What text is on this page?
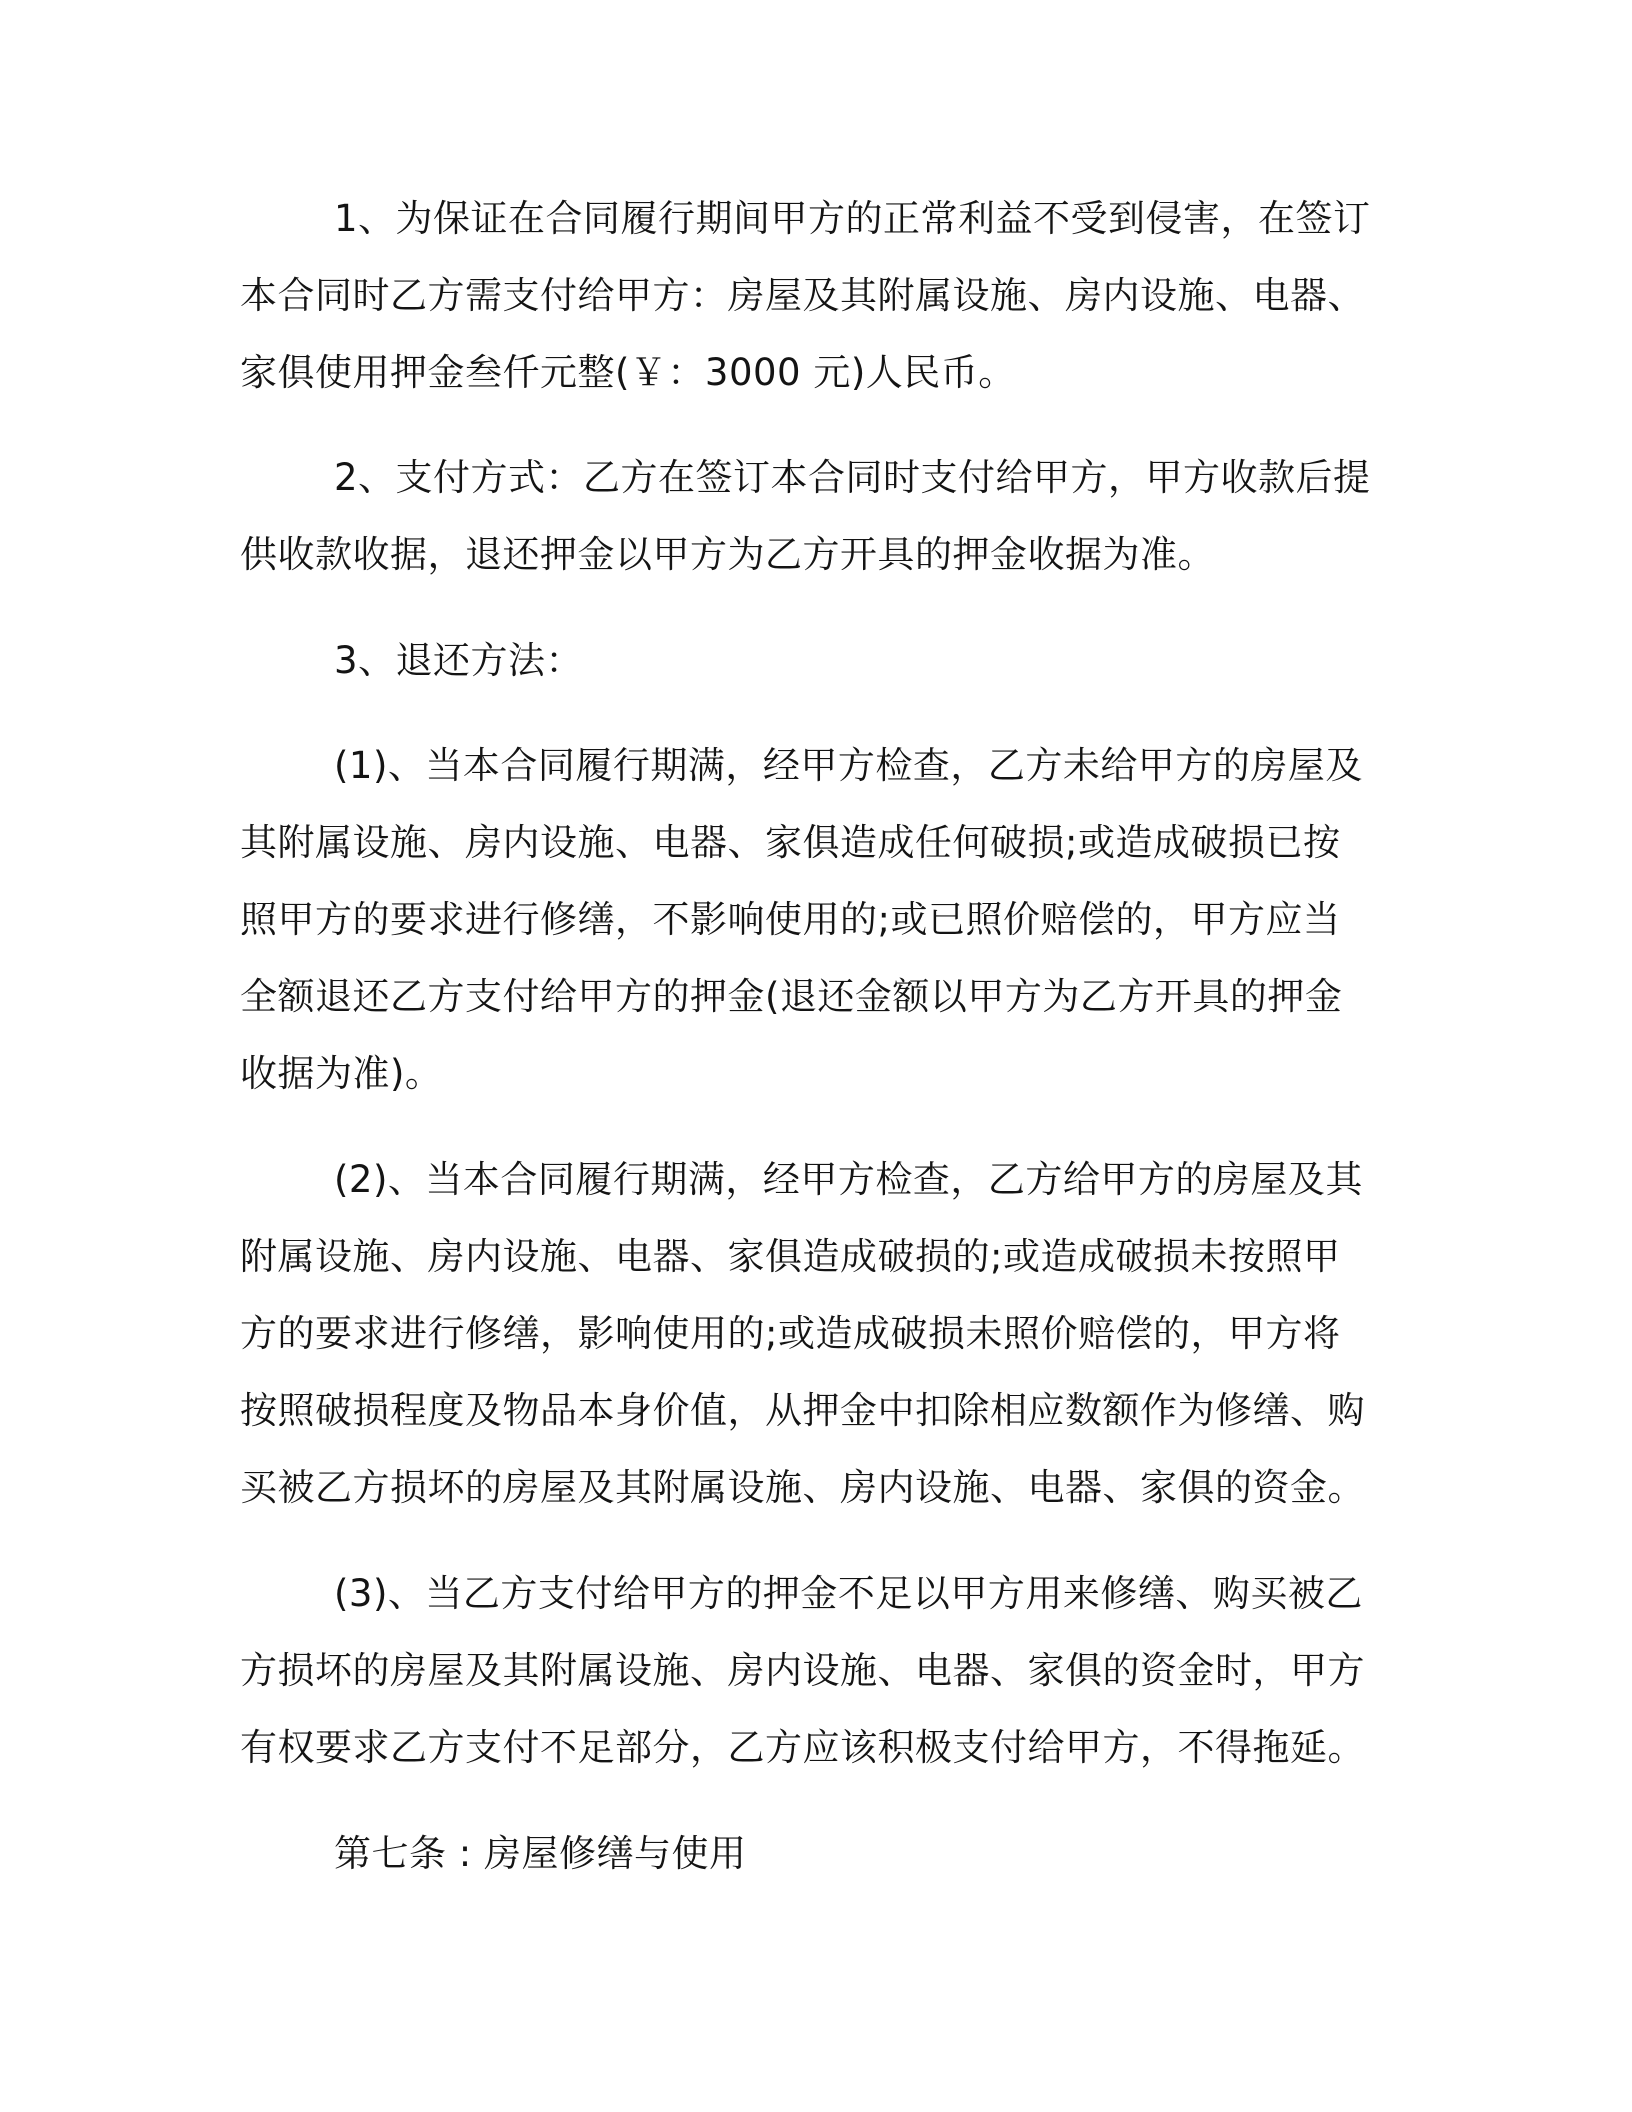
1、为保证在合同履行期间甲方的正常利益不受到侵害，在签订本合同时乙方需支付给甲方：房屋及其附属设施、房内设施、电器、家俱使用押金叁仟元整(￥：3000 元)人民币。

2、支付方式：乙方在签订本合同时支付给甲方，甲方收款后提供收款收据，退还押金以甲方为乙方开具的押金收据为准。

3、退还方法：

(1)、当本合同履行期满，经甲方检查，乙方未给甲方的房屋及其附属设施、房内设施、电器、家俱造成任何破损;或造成破损已按照甲方的要求进行修缮，不影响使用的;或已照价赔偿的，甲方应当全额退还乙方支付给甲方的押金(退还金额以甲方为乙方开具的押金收据为准)。

(2)、当本合同履行期满，经甲方检查，乙方给甲方的房屋及其附属设施、房内设施、电器、家俱造成破损的;或造成破损未按照甲方的要求进行修缮，影响使用的;或造成破损未照价赔偿的，甲方将按照破损程度及物品本身价值，从押金中扣除相应数额作为修缮、购买被乙方损坏的房屋及其附属设施、房内设施、电器、家俱的资金。

(3)、当乙方支付给甲方的押金不足以甲方用来修缮、购买被乙方损坏的房屋及其附属设施、房内设施、电器、家俱的资金时，甲方有权要求乙方支付不足部分，乙方应该积极支付给甲方，不得拖延。

第七条 : 房屋修缮与使用
